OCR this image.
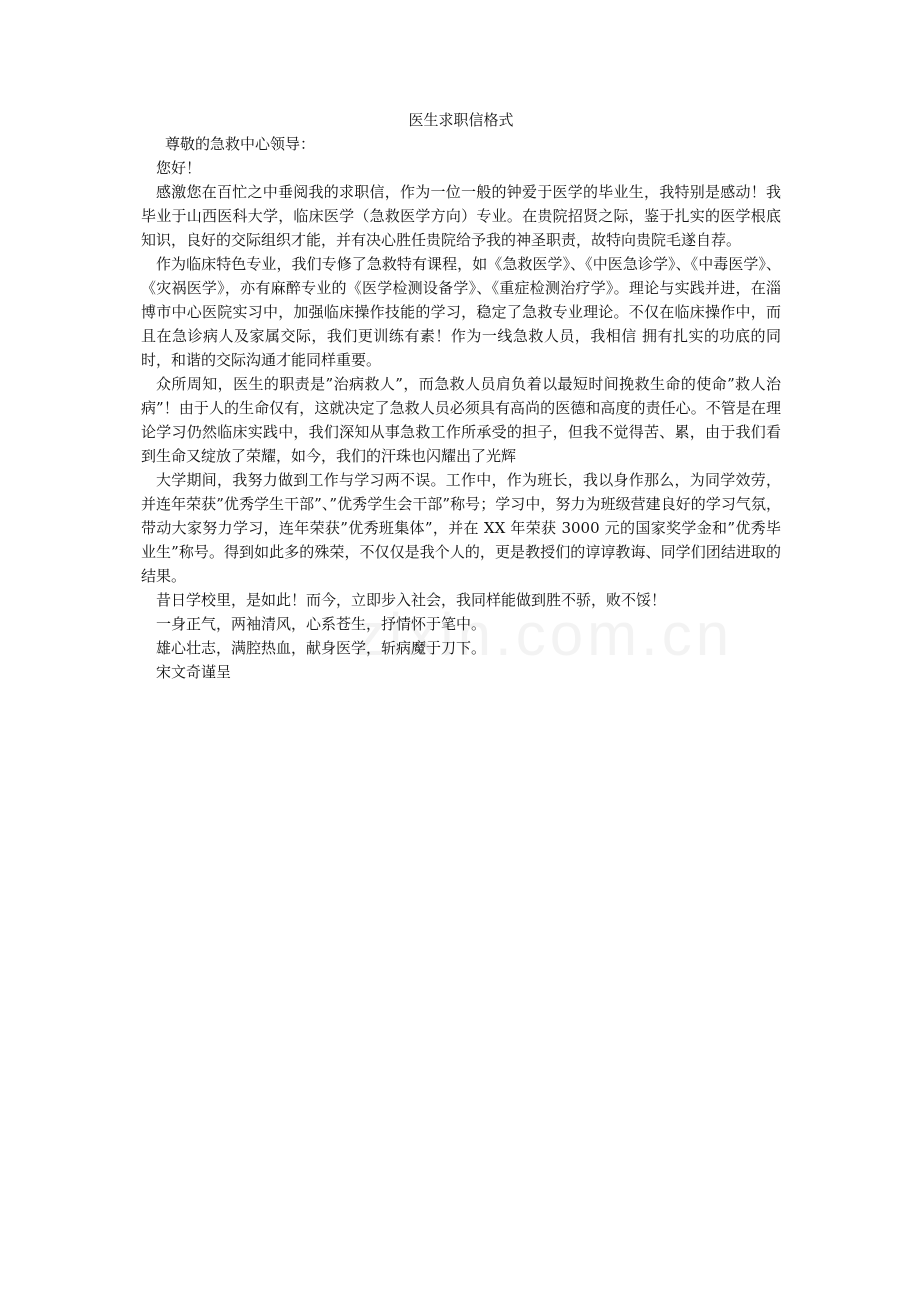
医生求职信格式

尊敬的急救中心领导：

您好！

感激您在百忙之中垂阅我的求职信，作为一位一般的钟爱于医学的毕业生，我特别是感动！我毕业于山西医科大学，临床医学（急救医学方向）专业。在贵院招贤之际，鉴于扎实的医学根底知识，良好的交际组织才能，并有决心胜任贵院给予我的神圣职责，故特向贵院毛遂自荐。

作为临床特色专业，我们专修了急救特有课程，如《急救医学》、《中医急诊学》、《中毒医学》、《灾祸医学》，亦有麻醉专业的《医学检测设备学》、《重症检测治疗学》。理论与实践并进，在淄博市中心医院实习中，加强临床操作技能的学习，稳定了急救专业理论。不仅在临床操作中，而且在急诊病人及家属交际，我们更训练有素！作为一线急救人员，我相信 拥有扎实的功底的同时，和谐的交际沟通才能同样重要。

众所周知，医生的职责是”治病救人”，而急救人员肩负着以最短时间挽救生命的使命”救人治病”！由于人的生命仅有，这就决定了急救人员必须具有高尚的医德和高度的责任心。不管是在理论学习仍然临床实践中，我们深知从事急救工作所承受的担子，但我不觉得苦、累，由于我们看到生命又绽放了荣耀，如今，我们的汗珠也闪耀出了光辉

大学期间，我努力做到工作与学习两不误。工作中，作为班长，我以身作那么，为同学效劳，并连年荣获”优秀学生干部”、”优秀学生会干部”称号；学习中，努力为班级营建良好的学习气氛，带动大家努力学习，连年荣获”优秀班集体”，并在 XX 年荣获 3000 元的国家奖学金和”优秀毕业生”称号。得到如此多的殊荣，不仅仅是我个人的，更是教授们的谆谆教诲、同学们团结进取的结果。

昔日学校里，是如此！而今，立即步入社会，我同样能做到胜不骄，败不馁！

一身正气，两袖清风，心系苍生，抒情怀于笔中。

雄心壮志，满腔热血，献身医学，斩病魔于刀下。

宋文奇谨呈
